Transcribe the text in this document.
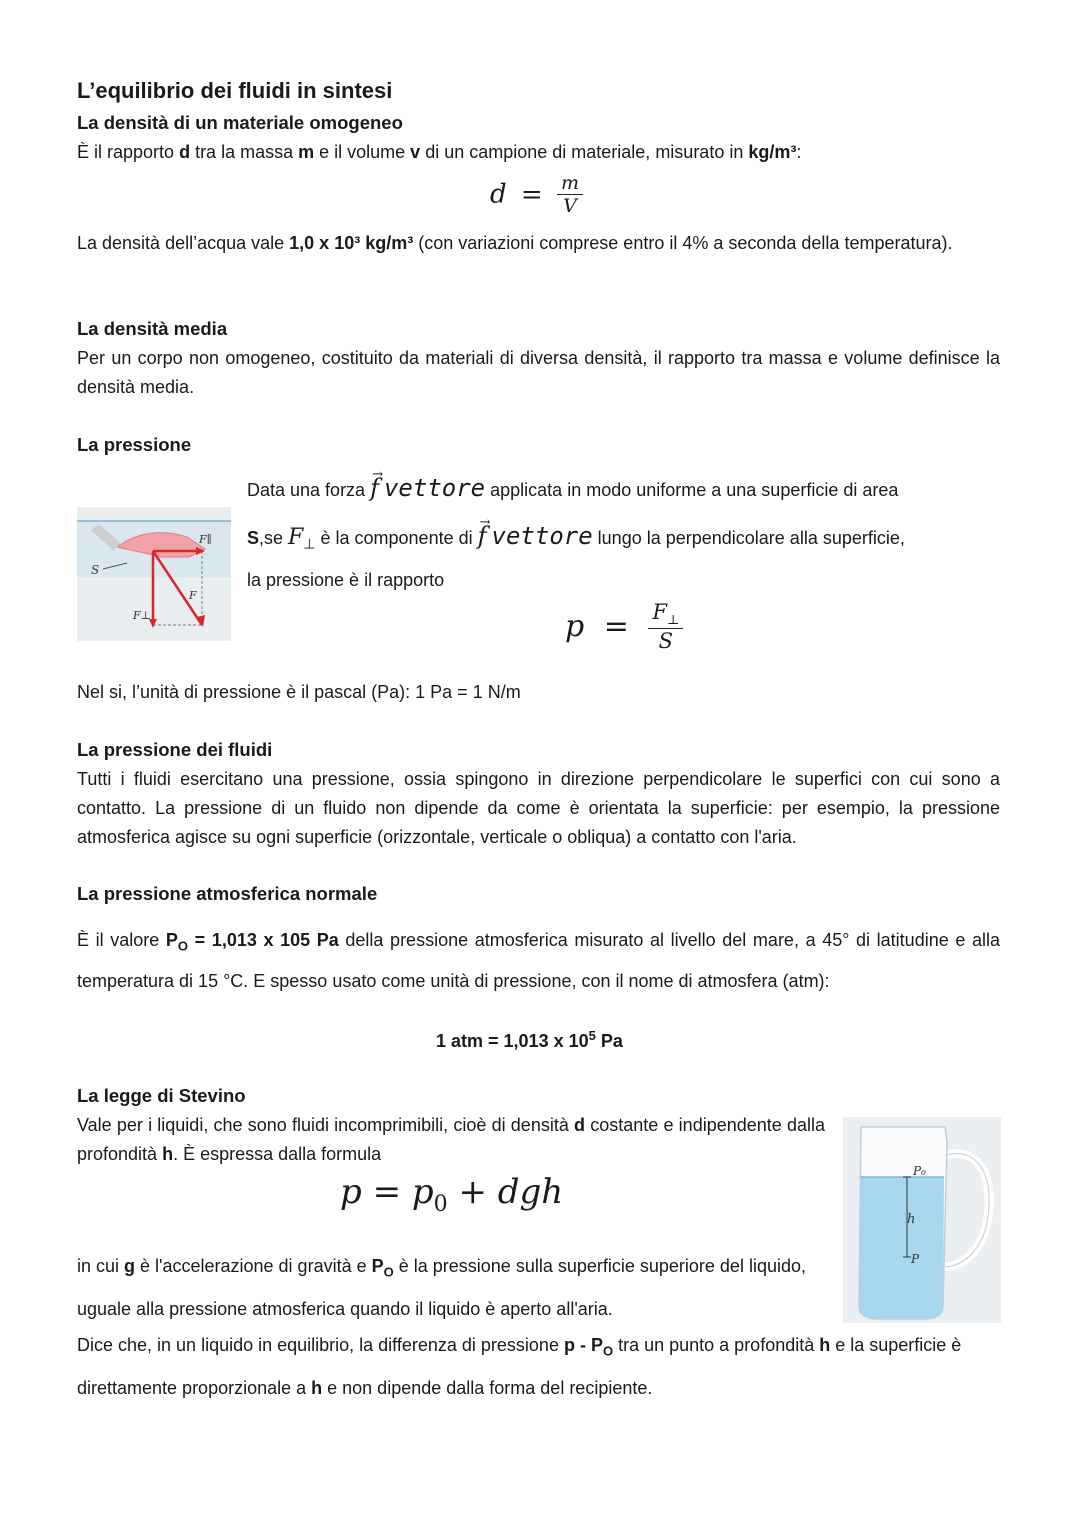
L’equilibrio dei fluidi in sintesi
La densità di un materiale omogeneo
È il rapporto d tra la massa m e il volume v di un campione di materiale, misurato in kg/m³:
$d = \frac{m}{V}$
La densità dell’acqua vale 1,0 x 10³ kg/m³ (con variazioni comprese entro il 4% a seconda della temperatura).
La densità media
Per un corpo non omogeneo, costituito da materiali di diversa densità, il rapporto tra massa e volume definisce la densità media.
La pressione
S
F⊥
F∥
F
Data una forza f → vettore applicata in modo uniforme a una superficie di area
S,se $F_\perp$ è la componente di f → vettore lungo la perpendicolare alla superficie,
la pressione è il rapporto
$p = \frac{F_\perp}{S}$
Nel si, l’unità di pressione è il pascal (Pa): 1 Pa = 1 N/m
La pressione dei fluidi
Tutti i fluidi esercitano una pressione, ossia spingono in direzione perpendicolare le superfici con cui sono a contatto. La pressione di un fluido non dipende da come è orientata la superficie: per esempio, la pressione atmosferica agisce su ogni superficie (orizzontale, verticale o obliqua) a contatto con l'aria.
La pressione atmosferica normale
È il valore $P_O = 1,013$ x 105 Pa della pressione atmosferica misurato al livello del mare, a 45° di latitudine e alla temperatura di 15 °C. E spesso usato come unità di pressione, con il nome di atmosfera (atm):
1 atm = 1,013 x $10^5$ Pa
La legge di Stevino
Vale per i liquidi, che sono fluidi incomprimibili, cioè di densità d costante e indipendente dalla profondità h. È espressa dalla formula
$p = p_0$ + dgh
in cui g è l'accelerazione di gravità e $P_O$ è la pressione sulla superficie superiore del liquido, uguale alla pressione atmosferica quando il liquido è aperto all'aria.
Dice che, in un liquido in equilibrio, la differenza di pressione p - $P_O$ tra un punto a profondità h e la superficie è direttamente proporzionale a h e non dipende dalla forma del recipiente.
P₀
h
P
